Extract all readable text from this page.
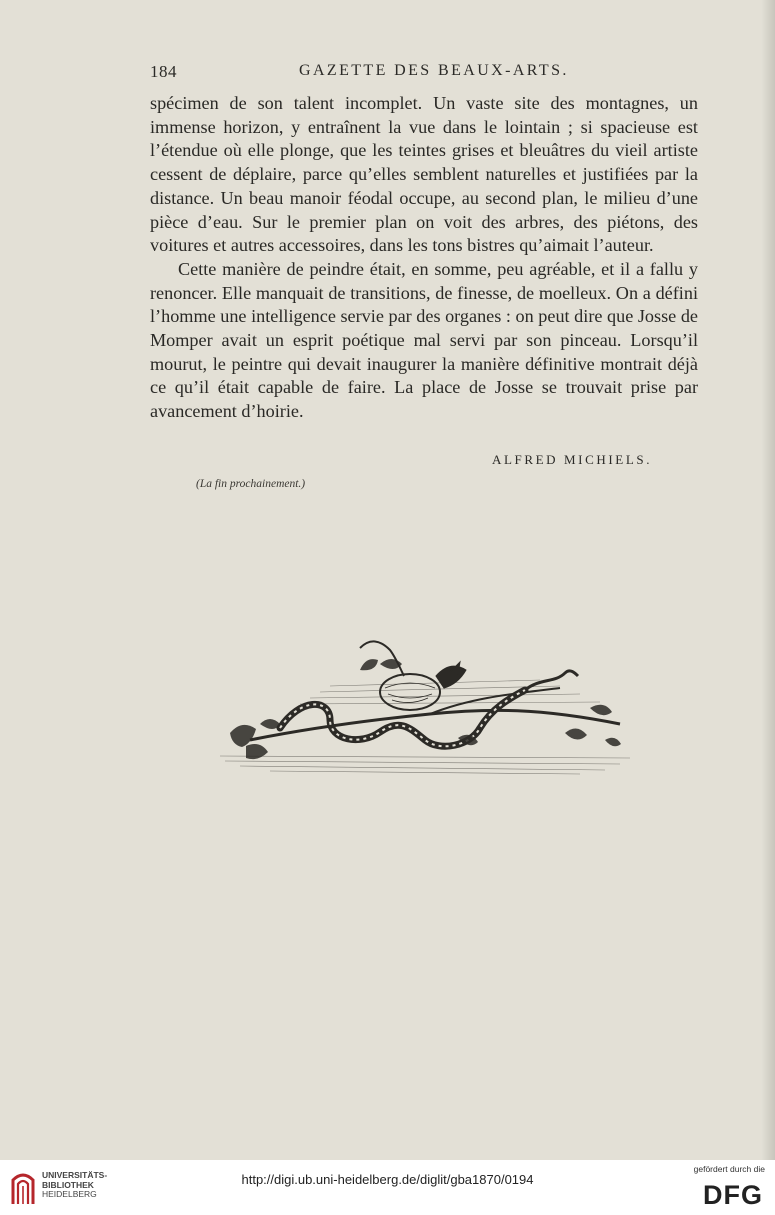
184	GAZETTE DES BEAUX-ARTS.

spécimen de son talent incomplet. Un vaste site des montagnes, un immense horizon, y entraînent la vue dans le lointain ; si spacieuse est l’étendue où elle plonge, que les teintes grises et bleuâtres du vieil artiste cessent de déplaire, parce qu’elles semblent naturelles et justifiées par la distance. Un beau manoir féodal occupe, au second plan, le milieu d’une pièce d’eau. Sur le premier plan on voit des arbres, des piétons, des voitures et autres accessoires, dans les tons bistres qu’aimait l’auteur.

Cette manière de peindre était, en somme, peu agréable, et il a fallu y renoncer. Elle manquait de transitions, de finesse, de moelleux. On a défini l’homme une intelligence servie par des organes : on peut dire que Josse de Momper avait un esprit poétique mal servi par son pinceau. Lorsqu’il mourut, le peintre qui devait inaugurer la manière définitive montrait déjà ce qu’il était capable de faire. La place de Josse se trouvait prise par avancement d’hoirie.

ALFRED MICHIELS.
(La fin prochainement.)
UNIVERSITÄTS-
BIBLIOTHEK
HEIDELBERG
http://digi.ub.uni-heidelberg.de/diglit/gba1870/0194
gefördert durch die
DFG
